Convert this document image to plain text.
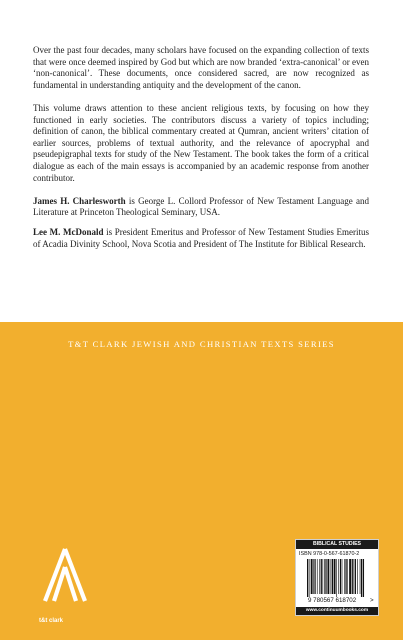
Over the past four decades, many scholars have focused on the expanding collection of texts that were once deemed inspired by God but which are now branded ‘extra-canonical’ or even ‘non-canonical’. These documents, once considered sacred, are now recognized as fundamental in understanding antiquity and the development of the canon.

This volume draws attention to these ancient religious texts, by focusing on how they functioned in early societies. The contributors discuss a variety of topics including; definition of canon, the biblical commentary created at Qumran, ancient writers’ citation of earlier sources, problems of textual authority, and the relevance of apocryphal and pseudepigraphal texts for study of the New Testament. The book takes the form of a critical dialogue as each of the main essays is accompanied by an academic response from another contributor.

James H. Charlesworth is George L. Collord Professor of New Testament Language and Literature at Princeton Theological Seminary, USA.

Lee M. McDonald is President Emeritus and Professor of New Testament Studies Emeritus of Acadia Divinity School, Nova Scotia and President of The Institute for Biblical Research.

T&T CLARK JEWISH AND CHRISTIAN TEXTS SERIES
t&t clark
BIBLICAL STUDIES
ISBN 978-0-567-61870-2
9 780567 618702 >
www.continuumbooks.com
